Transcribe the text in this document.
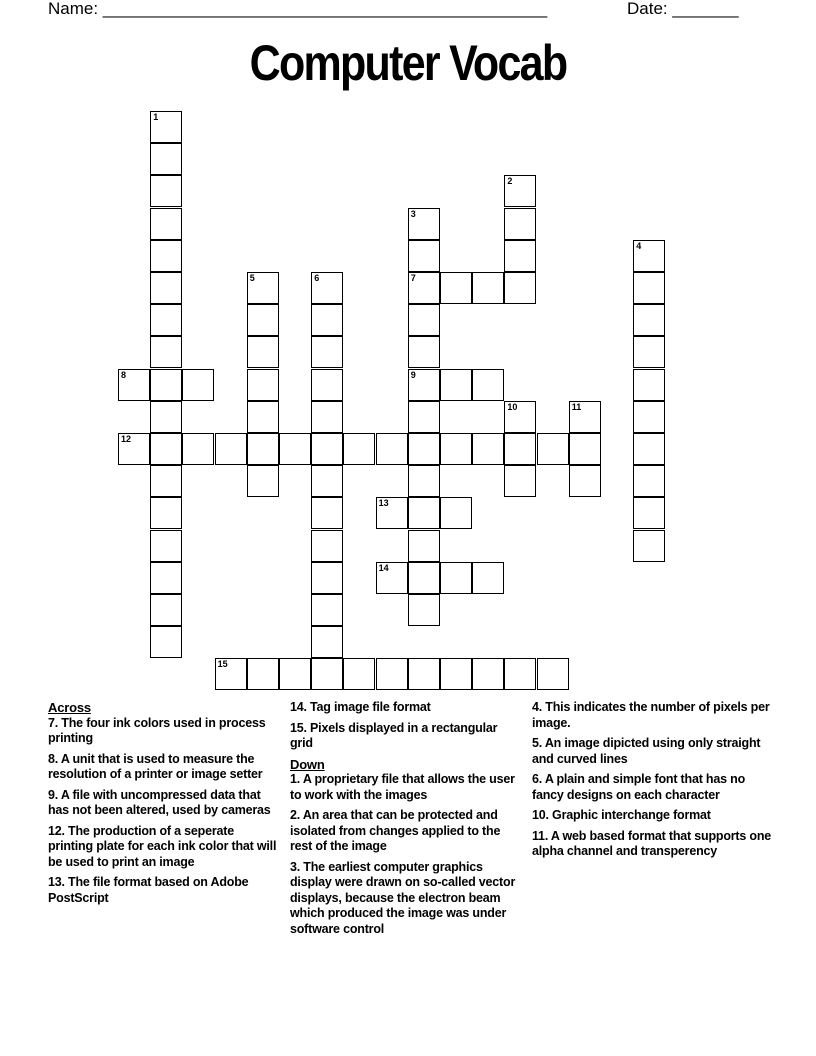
Name: _______________________________________________	Date: _______
Computer Vocab
7
8	9
12
13
14
15
1
2
3
4
5	6
10	11
Across
7. The four ink colors used in process printing
8. A unit that is used to measure the resolution of a printer or image setter
9. A file with uncompressed data that has not been altered, used by cameras
12. The production of a seperate printing plate for each ink color that will be used to print an image
13. The file format based on Adobe PostScript
14. Tag image file format
15. Pixels displayed in a rectangular grid
Down
1. A proprietary file that allows the user to work with the images
2. An area that can be protected and isolated from changes applied to the rest of the image
3. The earliest computer graphics display were drawn on so-called vector displays, because the electron beam which produced the image was under software control
4. This indicates the number of pixels per image.
5. An image dipicted using only straight and curved lines
6. A plain and simple font that has no fancy designs on each character
10. Graphic interchange format
11. A web based format that supports one alpha channel and transperency
